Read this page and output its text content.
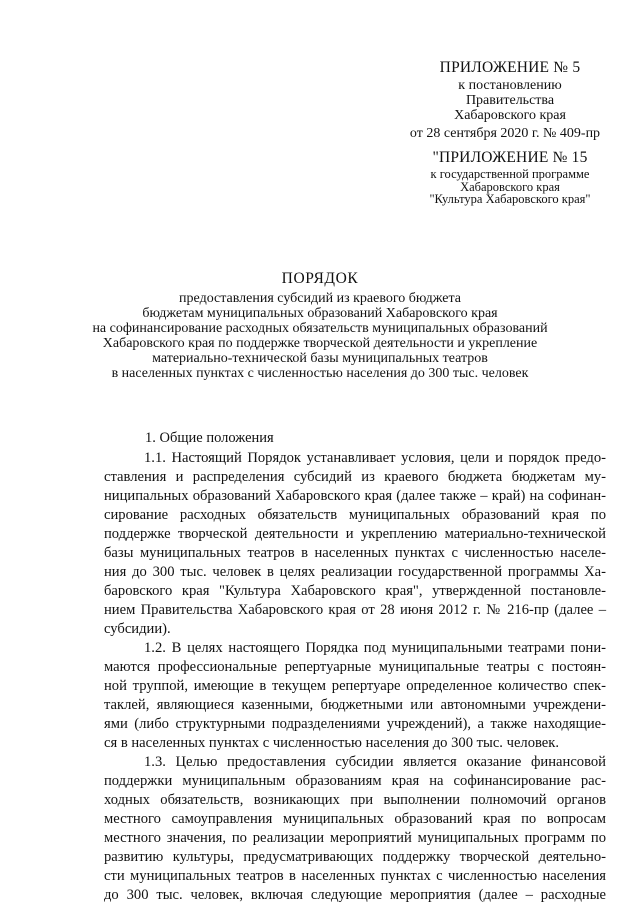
ПРИЛОЖЕНИЕ № 5
к постановлению
Правительства
Хабаровского края
от 28 сентября 2020 г. № 409-пр
"ПРИЛОЖЕНИЕ № 15
к государственной программе
Хабаровского края
"Культура Хабаровского края"
ПОРЯДОК
предоставления субсидий из краевого бюджета
бюджетам муниципальных образований Хабаровского края
на софинансирование расходных обязательств муниципальных образований
Хабаровского края по поддержке творческой деятельности и укрепление
материально-технической базы муниципальных театров
в населенных пунктах с численностью населения до 300 тыс. человек
1. Общие положения
1.1. Настоящий Порядок устанавливает условия, цели и порядок предо-
ставления и распределения субсидий из краевого бюджета бюджетам му-
ниципальных образований Хабаровского края (далее также – край) на софинан-
сирование расходных обязательств муниципальных образований края по
поддержке творческой деятельности и укреплению материально-технической
базы муниципальных театров в населенных пунктах с численностью населе-
ния до 300 тыс. человек в целях реализации государственной программы Ха-
баровского края "Культура Хабаровского края", утвержденной постановле-
нием Правительства Хабаровского края от 28 июня 2012 г. № 216-пр (далее –
субсидии).
1.2. В целях настоящего Порядка под муниципальными театрами пони-
маются профессиональные репертуарные муниципальные театры с постоян-
ной труппой, имеющие в текущем репертуаре определенное количество спек-
таклей, являющиеся казенными, бюджетными или автономными учреждени-
ями (либо структурными подразделениями учреждений), а также находящие-
ся в населенных пунктах с численностью населения до 300 тыс. человек.
1.3. Целью предоставления субсидии является оказание финансовой
поддержки муниципальным образованиям края на софинансирование рас-
ходных обязательств, возникающих при выполнении полномочий органов
местного самоуправления муниципальных образований края по вопросам
местного значения, по реализации мероприятий муниципальных программ по
развитию культуры, предусматривающих поддержку творческой деятельно-
сти муниципальных театров в населенных пунктах с численностью населения
до 300 тыс. человек, включая следующие мероприятия (далее – расходные
